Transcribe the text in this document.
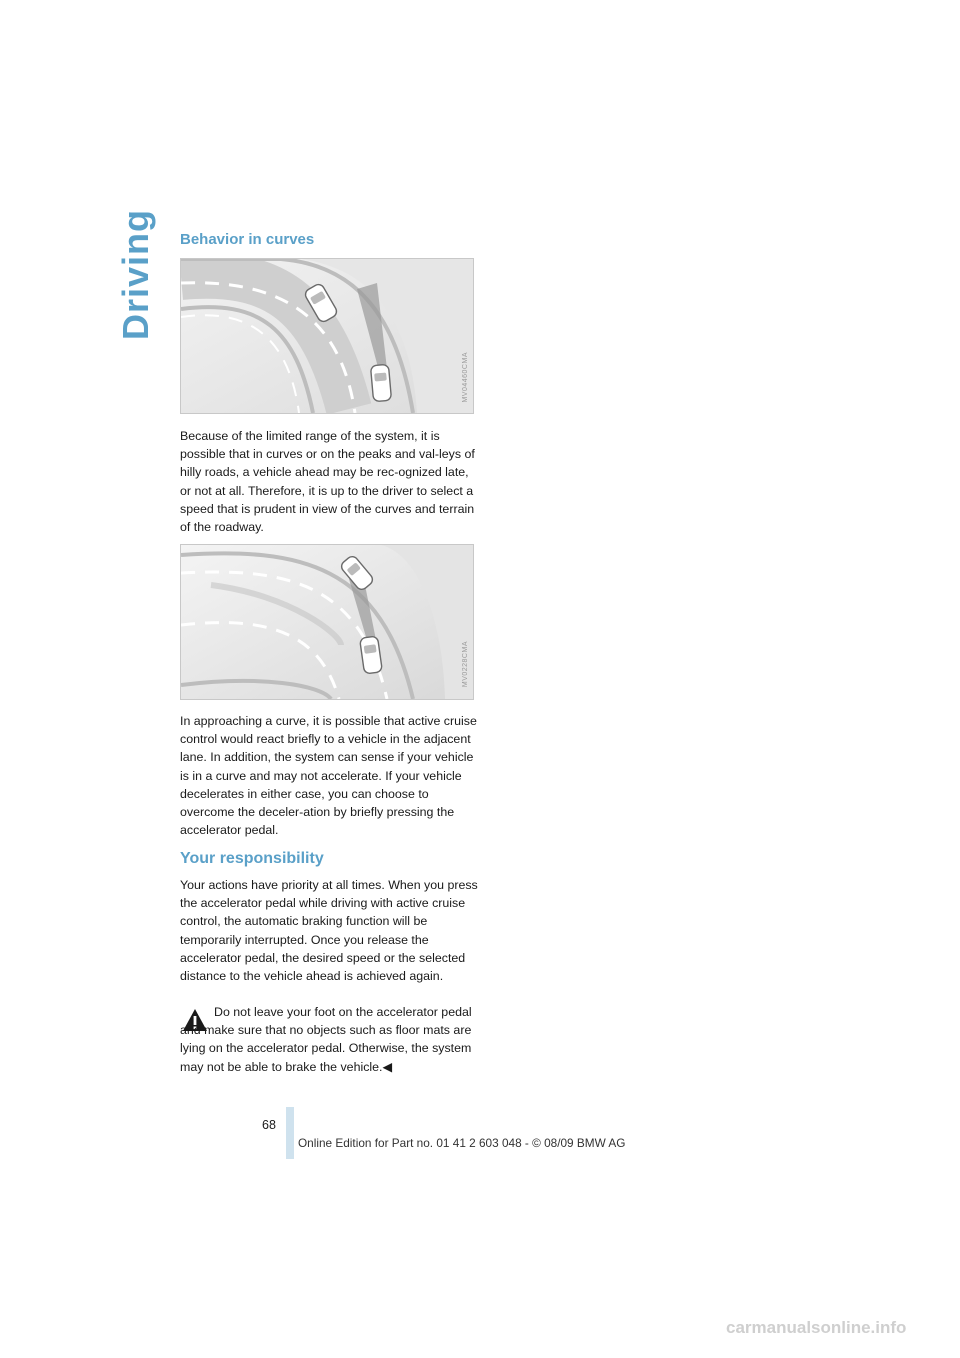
Driving Behavior in curves
MV04460CMA

Because of the limited range of the system, it is possible that in curves or on the peaks and val-leys of hilly roads, a vehicle ahead may be rec-ognized late, or not at all. Therefore, it is up to the driver to select a speed that is prudent in view of the curves and terrain of the roadway.

MV0228CMA

In approaching a curve, it is possible that active cruise control would react briefly to a vehicle in the adjacent lane. In addition, the system can sense if your vehicle is in a curve and may not accelerate. If your vehicle decelerates in either case, you can choose to overcome the deceler-ation by briefly pressing the accelerator pedal.

Your responsibility

Your actions have priority at all times. When you press the accelerator pedal while driving with active cruise control, the automatic braking function will be temporarily interrupted. Once you release the accelerator pedal, the desired speed or the selected distance to the vehicle ahead is achieved again.

Do not leave your foot on the accelerator pedal and make sure that no objects such as floor mats are lying on the accelerator pedal. Otherwise, the system may not be able to brake the vehicle.◀

68
Online Edition for Part no. 01 41 2 603 048 - © 08/09 BMW AG
carmanualsonline.info
